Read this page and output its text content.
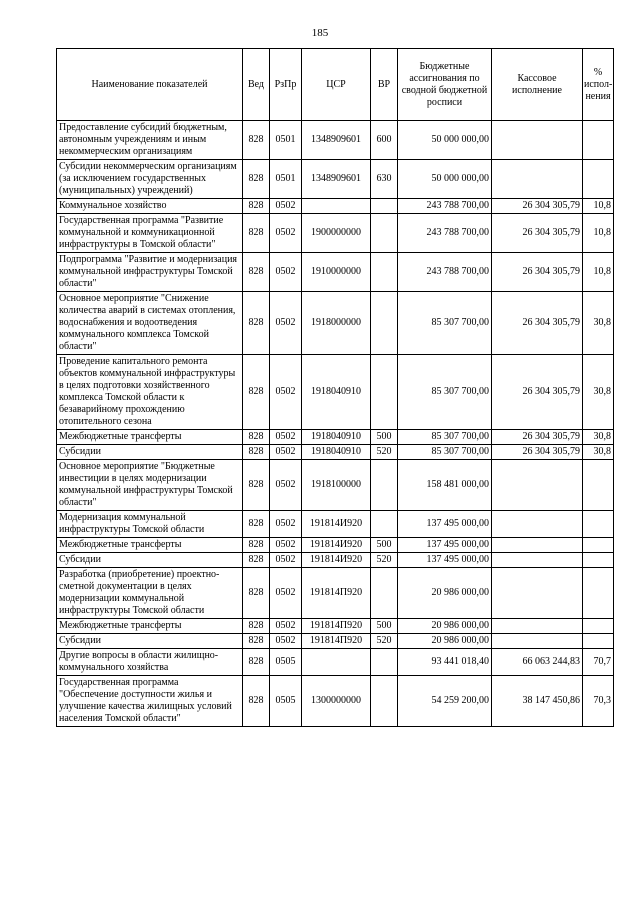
185
Наименование показателей	Вед	РзПр	ЦСР	ВР	Бюджетные ассигнования по сводной бюджетной росписи	Кассовое исполнение	% испол-нения
Предоставление субсидий бюджетным, автономным учреждениям и иным некоммерческим организациям	828	0501	1348909601	600	50 000 000,00		
Субсидии некоммерческим организациям (за исключением государственных (муниципальных) учреждений)	828	0501	1348909601	630	50 000 000,00		
Коммунальное хозяйство	828	0502			243 788 700,00	26 304 305,79	10,8
Государственная программа "Развитие коммунальной и коммуникационной инфраструктуры в Томской области"	828	0502	1900000000		243 788 700,00	26 304 305,79	10,8
Подпрограмма "Развитие и модернизация коммунальной инфраструктуры Томской области"	828	0502	1910000000		243 788 700,00	26 304 305,79	10,8
Основное мероприятие "Снижение количества аварий в системах отопления, водоснабжения и водоотведения коммунального комплекса Томской области"	828	0502	1918000000		85 307 700,00	26 304 305,79	30,8
Проведение капитального ремонта объектов коммунальной инфраструктуры в целях подготовки хозяйственного комплекса Томской области к безаварийному прохождению отопительного сезона	828	0502	1918040910		85 307 700,00	26 304 305,79	30,8
Межбюджетные трансферты	828	0502	1918040910	500	85 307 700,00	26 304 305,79	30,8
Субсидии	828	0502	1918040910	520	85 307 700,00	26 304 305,79	30,8
Основное мероприятие "Бюджетные инвестиции в целях модернизации коммунальной инфраструктуры Томской области"	828	0502	1918100000		158 481 000,00		
Модернизация коммунальной инфраструктуры Томской области	828	0502	191814И920		137 495 000,00		
Межбюджетные трансферты	828	0502	191814И920	500	137 495 000,00		
Субсидии	828	0502	191814И920	520	137 495 000,00		
Разработка (приобретение) проектно-сметной документации в целях модернизации коммунальной инфраструктуры Томской области	828	0502	191814П920		20 986 000,00		
Межбюджетные трансферты	828	0502	191814П920	500	20 986 000,00		
Субсидии	828	0502	191814П920	520	20 986 000,00		
Другие вопросы в области жилищно-коммунального хозяйства	828	0505			93 441 018,40	66 063 244,83	70,7
Государственная программа "Обеспечение доступности жилья и улучшение качества жилищных условий населения Томской области"	828	0505	1300000000		54 259 200,00	38 147 450,86	70,3
